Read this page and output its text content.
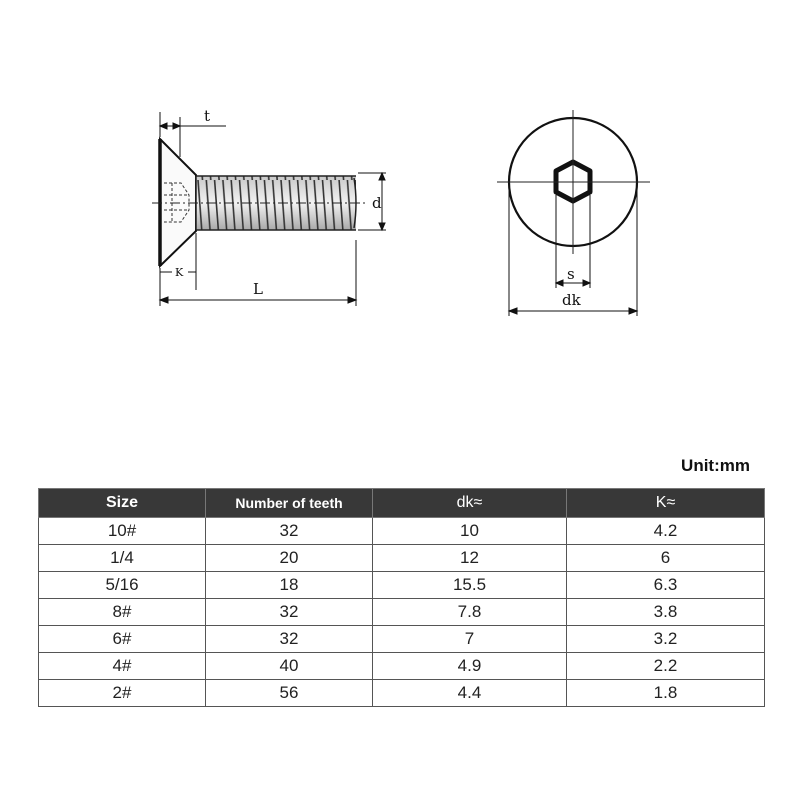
t
d
K
L
s
dk
Unit:mm
Size	Number of teeth	dk≈	K≈
10#	32	10	4.2
1/4	20	12	6
5/16	18	15.5	6.3
8#	32	7.8	3.8
6#	32	7	3.2
4#	40	4.9	2.2
2#	56	4.4	1.8
